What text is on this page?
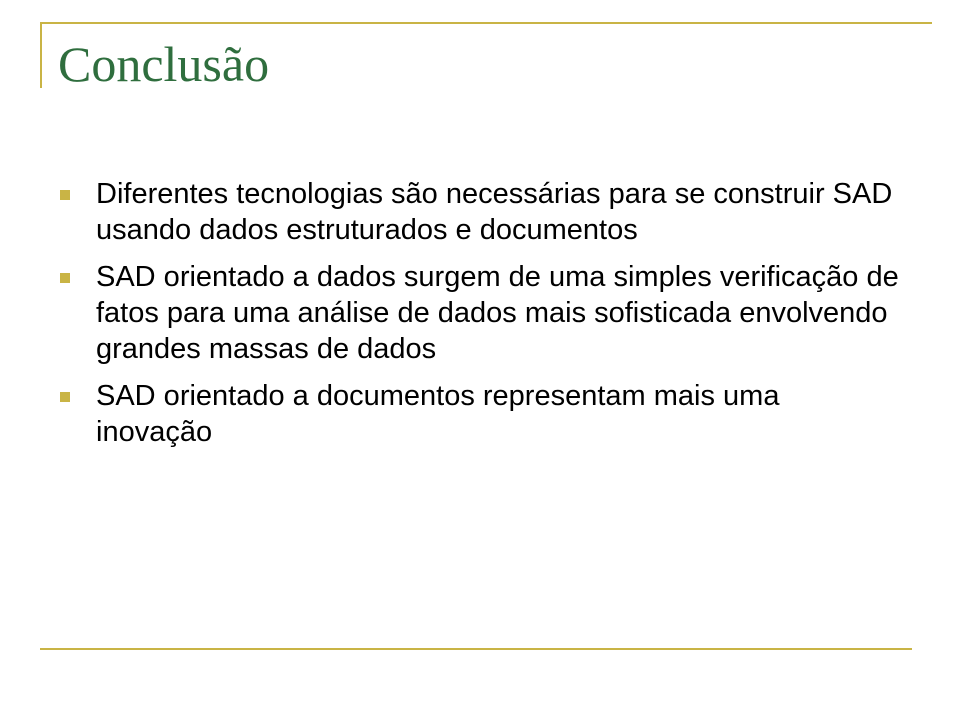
Conclusão
Diferentes tecnologias são necessárias para se construir SAD usando dados estruturados e documentos
SAD orientado a dados surgem de uma simples verificação de fatos para uma análise de dados mais sofisticada envolvendo grandes massas de dados
SAD orientado a documentos representam mais uma inovação
